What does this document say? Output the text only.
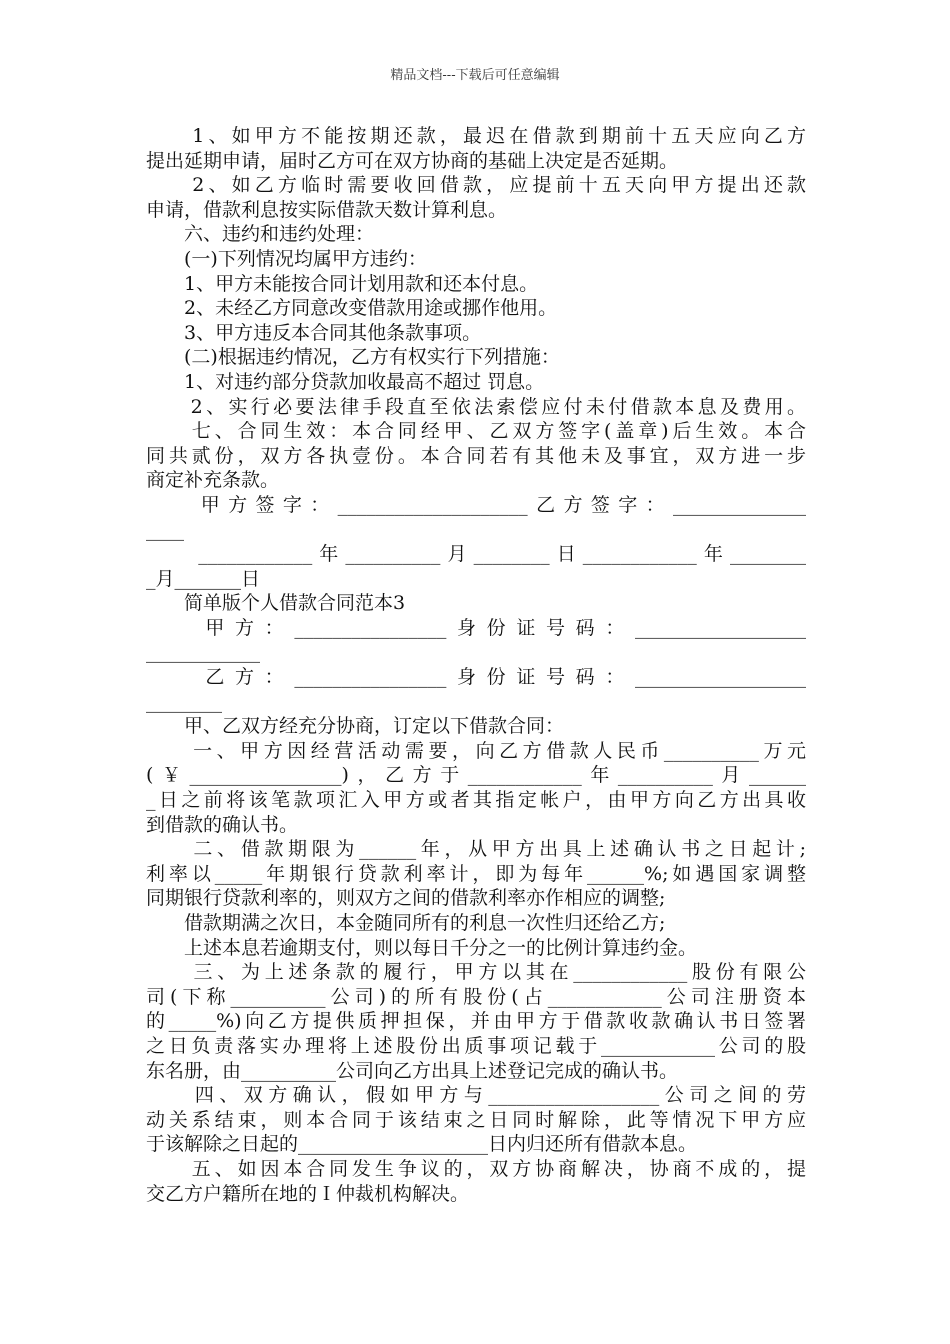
精品文档---下载后可任意编辑
　　1、如甲方不能按期还款，最迟在借款到期前十五天应向乙方
提出延期申请，届时乙方可在双方协商的基础上决定是否延期。
　　2、如乙方临时需要收回借款，应提前十五天向甲方提出还款
申请，借款利息按实际借款天数计算利息。
　　六、违约和违约处理：
　　(一)下列情况均属甲方违约：
　　1、甲方未能按合同计划用款和还本付息。
　　2、未经乙方同意改变借款用途或挪作他用。
　　3、甲方违反本合同其他条款事项。
　　(二)根据违约情况，乙方有权实行下列措施：
　　1、对违约部分贷款加收最高不超过 罚息。
　　2、实行必要法律手段直至依法索偿应付未付借款本息及费用。
　　七、合同生效：本合同经甲、乙双方签字(盖章)后生效。本合
同共贰份，双方各执壹份。本合同若有其他未及事宜，双方进一步
商定补充条款。
　　甲方签字：____________________乙方签字：______________
____
　　____________年__________月________日____________年________
_月_______日
　　简单版个人借款合同范本3
　　甲方：________________身份证号码：__________________
____________
　　乙方：________________身份证号码：__________________
________
　　甲、乙双方经充分协商，订定以下借款合同：
　　一、甲方因经营活动需要，向乙方借款人民币__________万元
(￥________________)，乙方于____________年__________月______
_日之前将该笔款项汇入甲方或者其指定帐户，由甲方向乙方出具收
到借款的确认书。
　　二、借款期限为______年，从甲方出具上述确认书之日起计;
利率以_____年期银行贷款利率计，即为每年______%;如遇国家调整
同期银行贷款利率的，则双方之间的借款利率亦作相应的调整;
　　借款期满之次日，本金随同所有的利息一次性归还给乙方;
　　上述本息若逾期支付，则以每日千分之一的比例计算违约金。
　　三、为上述条款的履行，甲方以其在____________股份有限公
司(下称__________公司)的所有股份(占____________公司注册资本
的_____%)向乙方提供质押担保，并由甲方于借款收款确认书日签署
之日负责落实办理将上述股份出质事项记载于____________公司的股
东名册，由__________公司向乙方出具上述登记完成的确认书。
　　四、双方确认，假如甲方与__________________公司之间的劳
动关系结束，则本合同于该结束之日同时解除，此等情况下甲方应
于该解除之日起的____________________日内归还所有借款本息。
　　五、如因本合同发生争议的，双方协商解决，协商不成的，提
交乙方户籍所在地的Ｉ仲裁机构解决。
